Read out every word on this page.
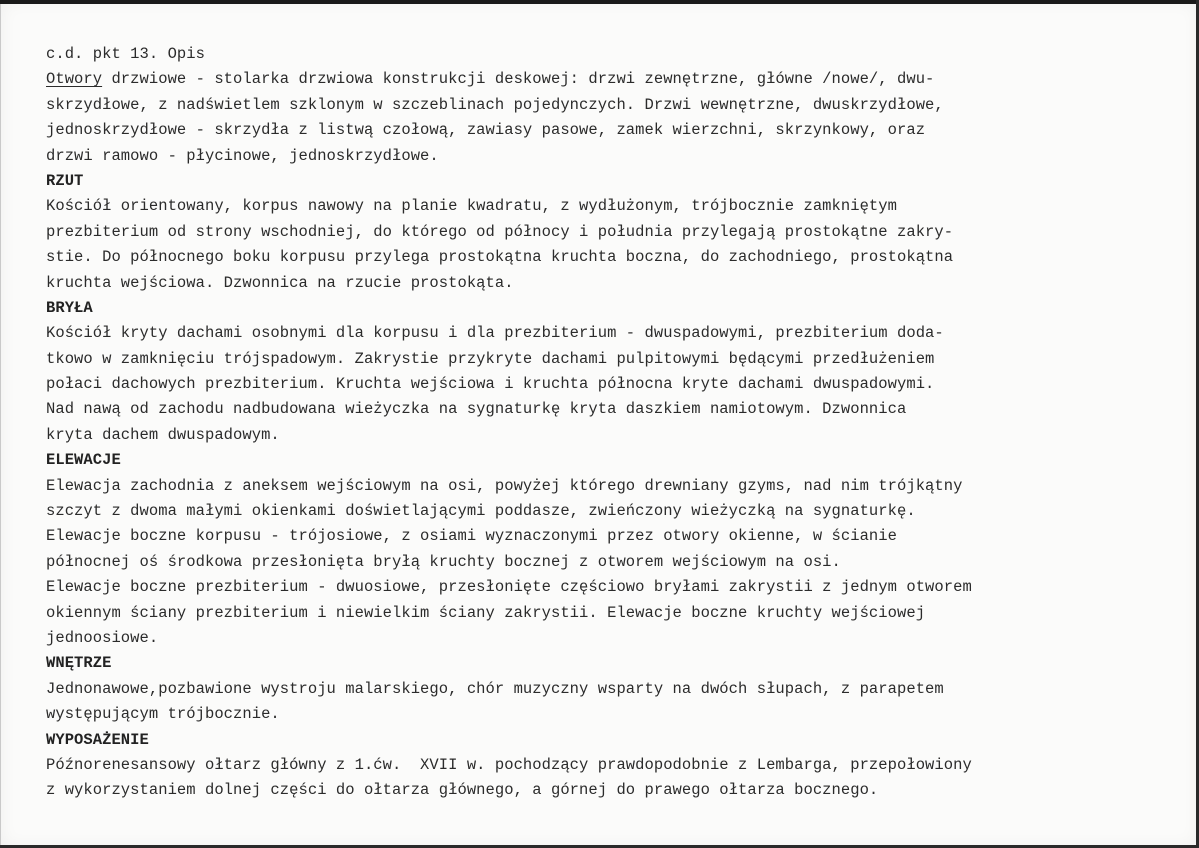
c.d. pkt 13. Opis
Otwory drzwiowe - stolarka drzwiowa konstrukcji deskowej: drzwi zewnętrzne, główne /nowe/, dwu-
skrzydłowe, z nadświetlem szklonym w szczeblinach pojedynczych. Drzwi wewnętrzne, dwuskrzydłowe,
jednoskrzydłowe - skrzydła z listwą czołową, zawiasy pasowe, zamek wierzchni, skrzynkowy, oraz
drzwi ramowo - płycinowe, jednoskrzydłowe.
RZUT
Kościół orientowany, korpus nawowy na planie kwadratu, z wydłużonym, trójbocznie zamkniętym
prezbiterium od strony wschodniej, do którego od północy i południa przylegają prostokątne zakry-
stie. Do północnego boku korpusu przylega prostokątna kruchta boczna, do zachodniego, prostokątna
kruchta wejściowa. Dzwonnica na rzucie prostokąta.
BRYŁA
Kościół kryty dachami osobnymi dla korpusu i dla prezbiterium - dwuspadowymi, prezbiterium doda-
tkowo w zamknięciu trójspadowym. Zakrystie przykryte dachami pulpitowymi będącymi przedłużeniem
połaci dachowych prezbiterium. Kruchta wejściowa i kruchta północna kryte dachami dwuspadowymi.
Nad nawą od zachodu nadbudowana wieżyczka na sygnaturkę kryta daszkiem namiotowym. Dzwonnica
kryta dachem dwuspadowym.
ELEWACJE
Elewacja zachodnia z aneksem wejściowym na osi, powyżej którego drewniany gzyms, nad nim trójkątny
szczyt z dwoma małymi okienkami doświetlającymi poddasze, zwieńczony wieżyczką na sygnaturkę.
Elewacje boczne korpusu - trójosiowe, z osiami wyznaczonymi przez otwory okienne, w ścianie
północnej oś środkowa przesłonięta bryłą kruchty bocznej z otworem wejściowym na osi.
Elewacje boczne prezbiterium - dwuosiowe, przesłonięte częściowo bryłami zakrystii z jednym otworem
okiennym ściany prezbiterium i niewielkim ściany zakrystii. Elewacje boczne kruchty wejściowej
jednoosiowe.
WNĘTRZE
Jednonawowe,pozbawione wystroju malarskiego, chór muzyczny wsparty na dwóch słupach, z parapetem
występującym trójbocznie.
WYPOSAŻENIE
Późnorenesansowy ołtarz główny z 1.ćw.  XVII w. pochodzący prawdopodobnie z Lembarga, przepołowiony
z wykorzystaniem dolnej części do ołtarza głównego, a górnej do prawego ołtarza bocznego.
